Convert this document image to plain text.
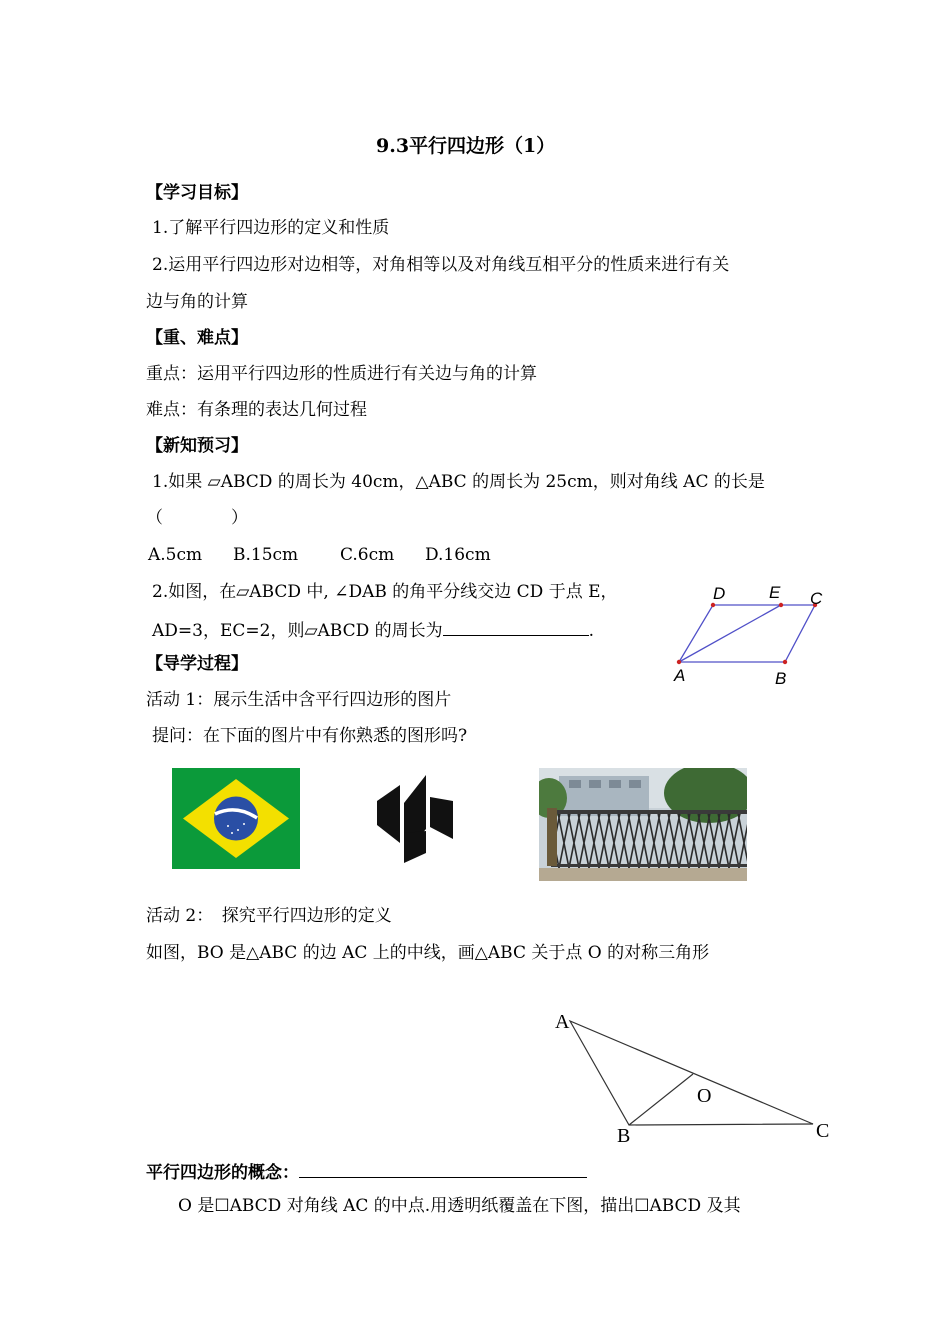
9.3平行四边形（1）
【学习目标】
1.了解平行四边形的定义和性质
2.运用平行四边形对边相等，对角相等以及对角线互相平分的性质来进行有关
边与角的计算
【重、难点】
重点：运用平行四边形的性质进行有关边与角的计算
难点：有条理的表达几何过程
【新知预习】
1.如果 ▱ABCD 的周长为 40cm，△ABC 的周长为 25cm，则对角线 AC 的长是
（　　　　）
A.5cm B.15cm C.6cm D.16cm
2.如图，在▱ABCD 中, ∠DAB 的角平分线交边 CD 于点 E，
AD=3，EC=2，则▱ABCD 的周长为	.
D	E C
A	B
【导学过程】
活动 1：展示生活中含平行四边形的图片
提问：在下面的图片中有你熟悉的图形吗?
活动 2：　探究平行四边形的定义
如图，BO 是△ABC 的边 AC 上的中线，画△ABC 关于点 O 的对称三角形
A
B	C
O
平行四边形的概念：
O 是☐ABCD 对角线 AC 的中点.用透明纸覆盖在下图，描出☐ABCD 及其
